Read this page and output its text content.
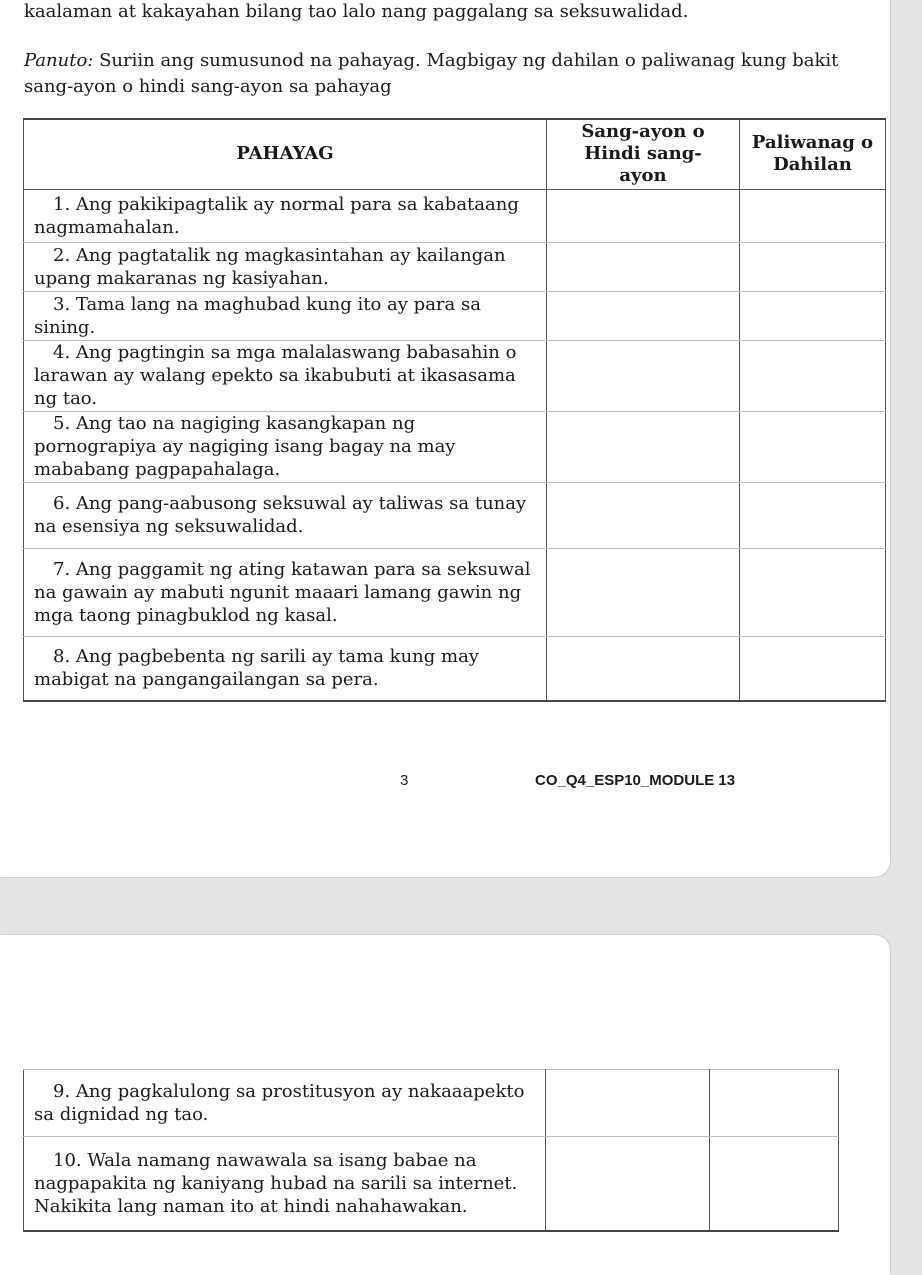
kaalaman at kakayahan bilang tao lalo nang paggalang sa seksuwalidad.
Panuto: Suriin ang sumusunod na pahayag. Magbigay ng dahilan o paliwanag kung bakit sang-ayon o hindi sang-ayon sa pahayag
PAHAYAG	Sang-ayon o Hindi sang-ayon	Paliwanag o Dahilan
1. Ang pakikipagtalik ay normal para sa kabataang nagmamahalan.		
2. Ang pagtatalik ng magkasintahan ay kailangan upang makaranas ng kasiyahan.		
3. Tama lang na maghubad kung ito ay para sa sining.		
4. Ang pagtingin sa mga malalaswang babasahin o larawan ay walang epekto sa ikabubuti at ikasasama ng tao.		
5. Ang tao na nagiging kasangkapan ng pornograpiya ay nagiging isang bagay na may mababang pagpapahalaga.		
6. Ang pang-aabusong seksuwal ay taliwas sa tunay na esensiya ng seksuwalidad.		
7. Ang paggamit ng ating katawan para sa seksuwal na gawain ay mabuti ngunit maaari lamang gawin ng mga taong pinagbuklod ng kasal.		
8. Ang pagbebenta ng sarili ay tama kung may mabigat na pangangailangan sa pera.		
3	CO_Q4_ESP10_MODULE 13
9. Ang pagkalulong sa prostitusyon ay nakaaapekto sa dignidad ng tao.		
10. Wala namang nawawala sa isang babae na nagpapakita ng kaniyang hubad na sarili sa internet. Nakikita lang naman ito at hindi nahahawakan.		
